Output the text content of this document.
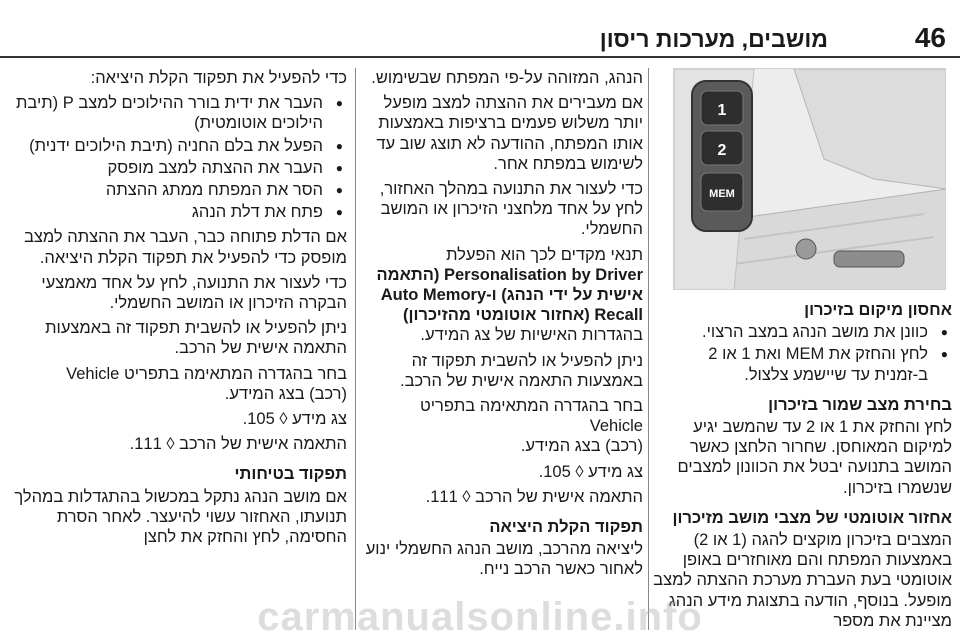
46
מושבים, מערכות ריסון
1
2
MEM
אחסון מיקום בזיכרון
● כוונן את מושב הנהג במצב הרצוי.
● לחץ והחזק את MEM ואת 1 או 2 ב-זמנית עד שיישמע צלצול.
בחירת מצב שמור בזיכרון

לחץ והחזק את 1 או 2 עד שהמשב יגיע למיקום המאוחסן. שחרור הלחצן כאשר המושב בתנועה יבטל את הכוונון למצבים שנשמרו בזיכרון.

אחזור אוטומטי של מצבי מושב מזיכרון

המצבים בזיכרון מוקצים להגה (1 או 2) באמצעות המפתח והם מאוחזרים באופן אוטומטי בעת העברת מערכת ההצתה למצב מופעל. בנוסף, הודעה בתצוגת מידע הנהג מציינת את מספר

הנהג, המזוהה על-פי המפתח שבשימוש.

אם מעבירים את ההצתה למצב מופעל יותר משלוש פעמים ברציפות באמצעות אותו המפתח, ההודעה לא תוצג שוב עד לשימוש במפתח אחר.

כדי לעצור את התנועה במהלך האחזור, לחץ על אחד מלחצני הזיכרון או המושב החשמלי.

תנאי מקדים לכך הוא הפעלת
Personalisation by Driver (התאמה
אישית על ידי הנהג) ו-Auto Memory
Recall (אחזור אוטומטי מהזיכרון)
בהגדרות האישיות של צג המידע.

ניתן להפעיל או להשבית תפקוד זה באמצעות התאמה אישית של הרכב.

בחר בהגדרה המתאימה בתפריט Vehicle
(רכב) בצג המידע.

צג מידע ◊ 105.

התאמה אישית של הרכב ◊ 111.

תפקוד הקלת היציאה

ליציאה מהרכב, מושב הנהג החשמלי ינוע לאחור כאשר הרכב נייח.

כדי להפעיל את תפקוד הקלת היציאה:

● העבר את ידית בורר ההילוכים למצב P (תיבת הילוכים אוטומטית)
● הפעל את בלם החניה (תיבת הילוכים ידנית)
● העבר את ההצתה למצב מופסק
● הסר את המפתח ממתג ההצתה
● פתח את דלת הנהג

אם הדלת פתוחה כבר, העבר את ההצתה למצב מופסק כדי להפעיל את תפקוד הקלת היציאה.

כדי לעצור את התנועה, לחץ על אחד מאמצעי הבקרה הזיכרון או המושב החשמלי.

ניתן להפעיל או להשבית תפקוד זה באמצעות התאמה אישית של הרכב.

בחר בהגדרה המתאימה בתפריט Vehicle
(רכב) בצג המידע.

צג מידע ◊ 105.

התאמה אישית של הרכב ◊ 111.

תפקוד בטיחותי

אם מושב הנהג נתקל במכשול בהתגדלות במהלך תנועתו, האחזור עשוי להיעצר. לאחר הסרת החסימה, לחץ והחזק את לחצן

carmanualsonline.info
